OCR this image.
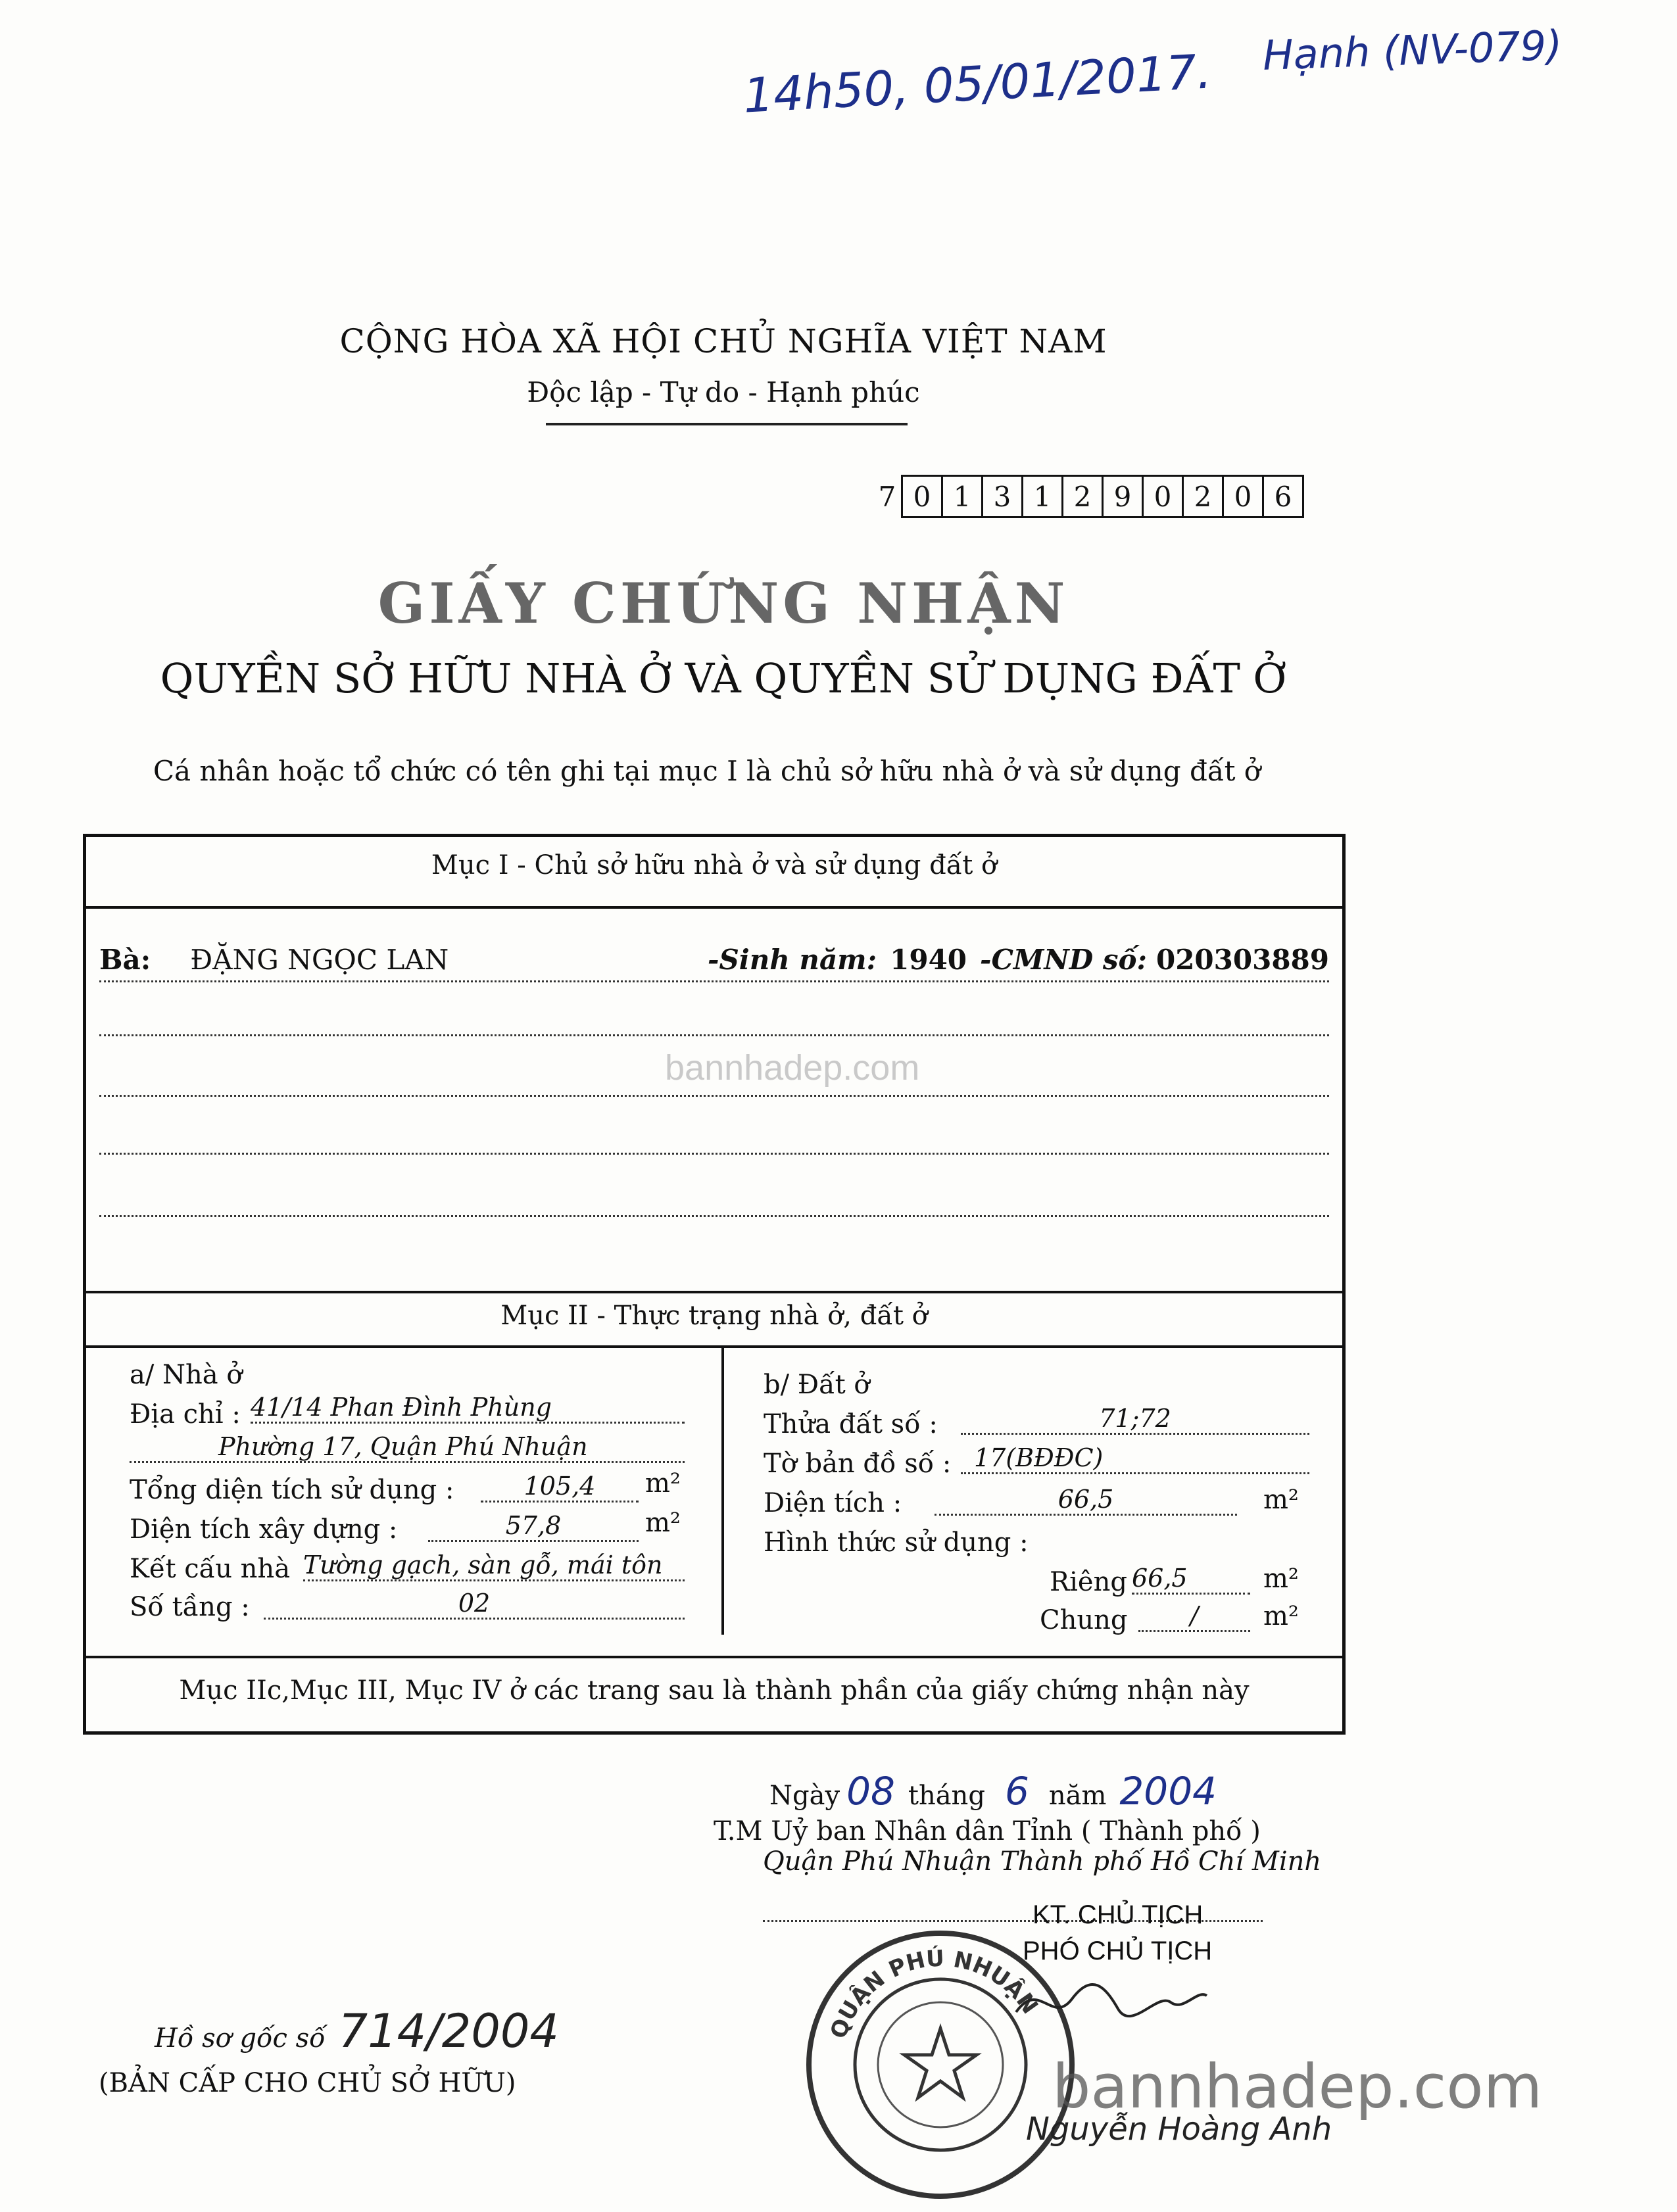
14h50, 05/01/2017. Hạnh (NV-079)
CỘNG HÒA XÃ HỘI CHỦ NGHĨA VIỆT NAM
Độc lập - Tự do - Hạnh phúc
7 0 1 3 1 2 9 0 2 0 6
GIẤY CHỨNG NHẬN
QUYỀN SỞ HỮU NHÀ Ở VÀ QUYỀN SỬ DỤNG ĐẤT Ở
Cá nhân hoặc tổ chức có tên ghi tại mục I là chủ sở hữu nhà ở và sử dụng đất ở
Mục I - Chủ sở hữu nhà ở và sử dụng đất ở
Bà: ĐẶNG NGỌC LAN	-Sinh năm: 1940 -CMND số: 020303889
bannhadep.com
Mục II - Thực trạng nhà ở, đất ở
a/ Nhà ở
Địa chỉ : 41/14 Phan Đình Phùng
Phường 17, Quận Phú Nhuận
Tổng diện tích sử dụng :	105,4	m²
Diện tích xây dựng :	57,8	m²
Kết cấu nhà Tường gạch, sàn gỗ, mái tôn
Số tầng :	02
b/ Đất ở
Thửa đất số :	71;72
Tờ bản đồ số : 17(BĐĐC)
Diện tích :	66,5	m²
Hình thức sử dụng :
Riêng 66,5	m²
Chung	/	m²
Mục IIc,Mục III, Mục IV ở các trang sau là thành phần của giấy chứng nhận này
Ngày 08 tháng 6 năm 2004
T.M Uỷ ban Nhân dân Tỉnh ( Thành phố )
Quận Phú Nhuận Thành phố Hồ Chí Minh
KT. CHỦ TỊCH
PHÓ CHỦ TỊCH
QUẬN PHÚ NHUẬN
Nguyễn Hoàng Anh
Hồ sơ gốc số 714/2004
(BẢN CẤP CHO CHỦ SỞ HỮU)	bannhadep.com
